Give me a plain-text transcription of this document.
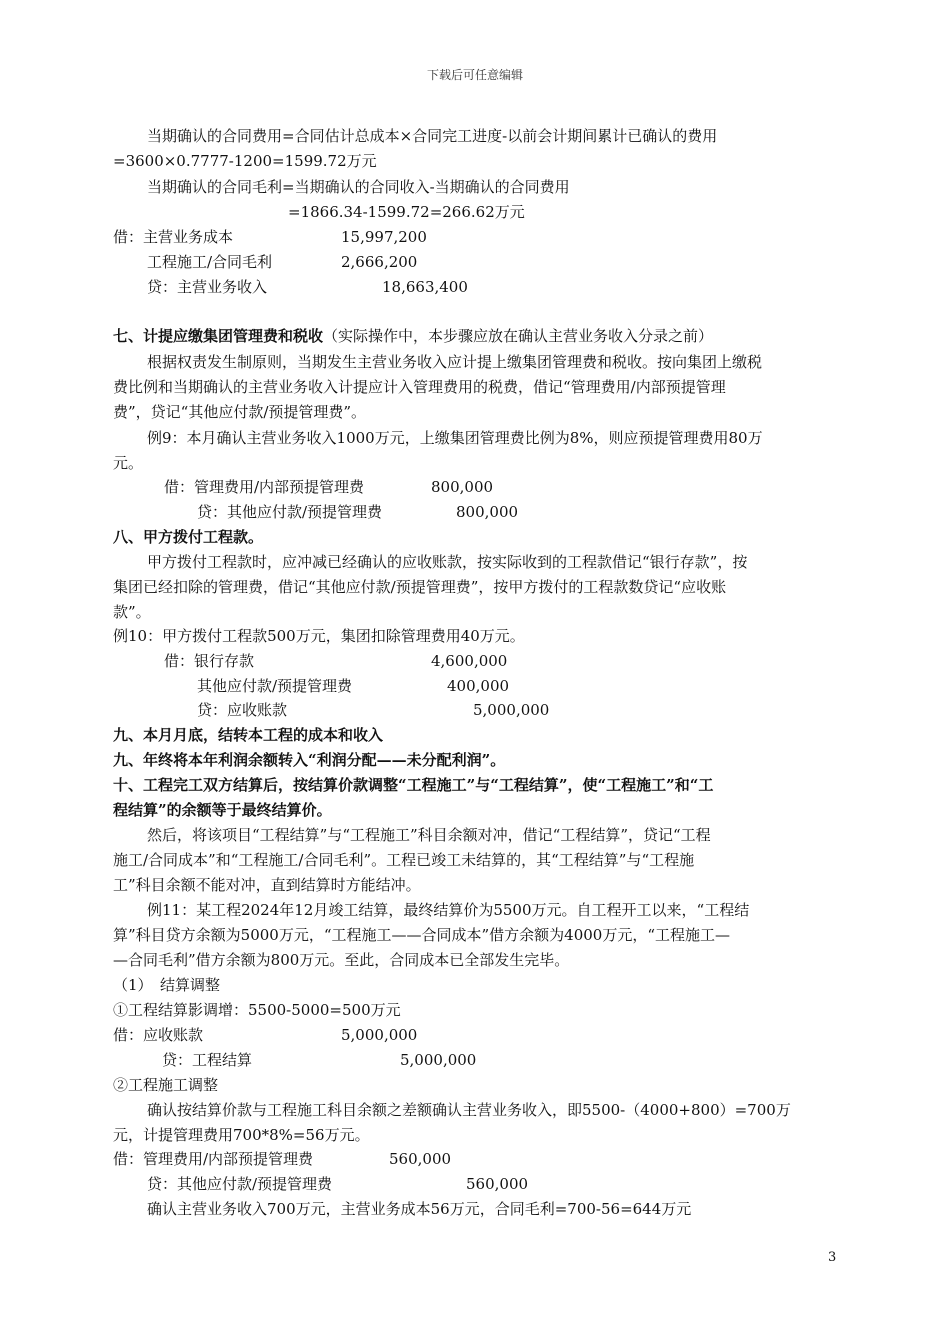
下载后可任意编辑
当期确认的合同费用=合同估计总成本×合同完工进度-以前会计期间累计已确认的费用
=3600×0.7777-1200=1599.72万元
当期确认的合同毛利=当期确认的合同收入-当期确认的合同费用
=1866.34-1599.72=266.62万元
借：主营业务成本	15,997,200
工程施工/合同毛利	2,666,200
贷：主营业务收入	18,663,400
七、计提应缴集团管理费和税收（实际操作中，本步骤应放在确认主营业务收入分录之前）
根据权责发生制原则，当期发生主营业务收入应计提上缴集团管理费和税收。按向集团上缴税
费比例和当期确认的主营业务收入计提应计入管理费用的税费，借记“管理费用/内部预提管理
费”，贷记“其他应付款/预提管理费”。
例9：本月确认主营业务收入1000万元，上缴集团管理费比例为8%，则应预提管理费用80万
元。
借：管理费用/内部预提管理费	800,000
贷：其他应付款/预提管理费	800,000
八、甲方拨付工程款。
甲方拨付工程款时，应冲减已经确认的应收账款，按实际收到的工程款借记“银行存款”，按
集团已经扣除的管理费，借记“其他应付款/预提管理费”，按甲方拨付的工程款数贷记“应收账
款”。
例10：甲方拨付工程款500万元，集团扣除管理费用40万元。
借：银行存款	4,600,000
其他应付款/预提管理费	400,000
贷：应收账款	5,000,000
九、本月月底，结转本工程的成本和收入
九、年终将本年利润余额转入“利润分配——未分配利润”。
十、工程完工双方结算后，按结算价款调整“工程施工”与“工程结算”，使“工程施工”和“工
程结算”的余额等于最终结算价。
然后，将该项目“工程结算”与“工程施工”科目余额对冲，借记“工程结算”，贷记“工程
施工/合同成本”和“工程施工/合同毛利”。工程已竣工未结算的，其“工程结算”与“工程施
工”科目余额不能对冲，直到结算时方能结冲。
例11：某工程2024年12月竣工结算，最终结算价为5500万元。自工程开工以来，“工程结
算”科目贷方余额为5000万元，“工程施工——合同成本”借方余额为4000万元，“工程施工—
—合同毛利”借方余额为800万元。至此，合同成本已全部发生完毕。
（1）　结算调整
①工程结算影调增：5500-5000=500万元
借：应收账款	5,000,000
贷：工程结算	5,000,000
②工程施工调整
确认按结算价款与工程施工科目余额之差额确认主营业务收入，即5500-（4000+800）=700万
元，计提管理费用700*8%=56万元。
借：管理费用/内部预提管理费	560,000
贷：其他应付款/预提管理费	560,000
确认主营业务收入700万元，主营业务成本56万元，合同毛利=700-56=644万元
3
